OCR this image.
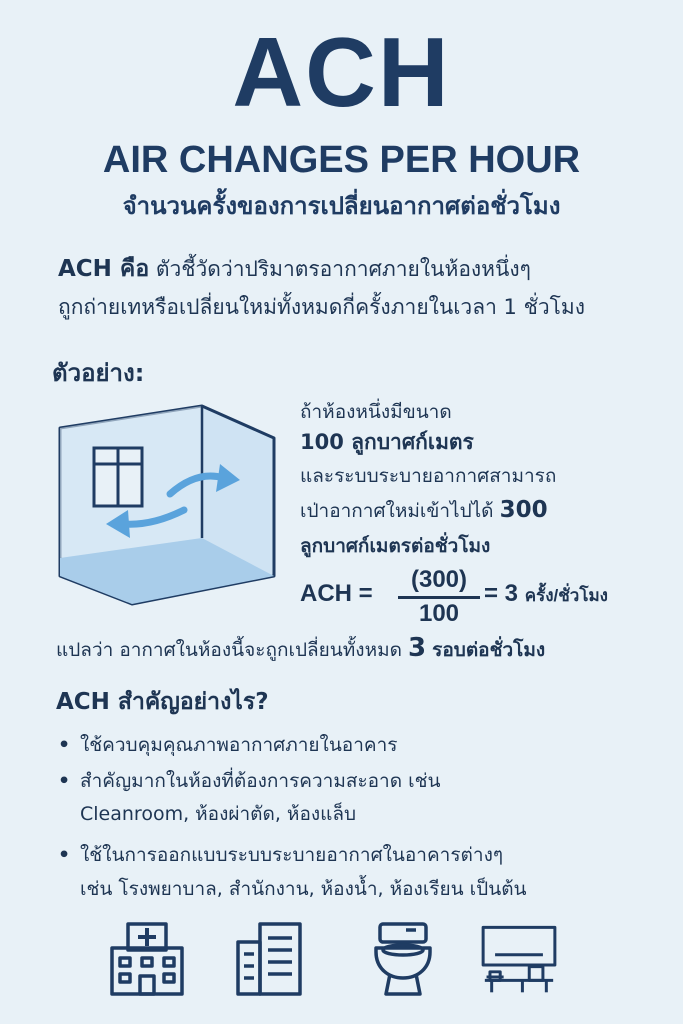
ACH
AIR CHANGES PER HOUR
จำนวนครั้งของการเปลี่ยนอากาศต่อชั่วโมง
ACH คือ ตัวชี้วัดว่าปริมาตรอากาศภายในห้องหนึ่งๆ
ถูกถ่ายเทหรือเปลี่ยนใหม่ทั้งหมดกี่ครั้งภายในเวลา 1 ชั่วโมง
ตัวอย่าง:
ถ้าห้องหนึ่งมีขนาด
100 ลูกบาศก์เมตร
และระบบระบายอากาศสามารถ
เป่าอากาศใหม่เข้าไปได้ 300
ลูกบาศก์เมตรต่อชั่วโมง
ACH =
(300)
100
= 3 ครั้ง/ชั่วโมง
แปลว่า อากาศในห้องนี้จะถูกเปลี่ยนทั้งหมด 3 รอบต่อชั่วโมง
ACH สำคัญอย่างไร?
• ใช้ควบคุมคุณภาพอากาศภายในอาคาร
• สำคัญมากในห้องที่ต้องการความสะอาด เช่น
Cleanroom, ห้องผ่าตัด, ห้องแล็บ
• ใช้ในการออกแบบระบบระบายอากาศในอาคารต่างๆ
เช่น โรงพยาบาล, สำนักงาน, ห้องน้ำ, ห้องเรียน เป็นต้น
